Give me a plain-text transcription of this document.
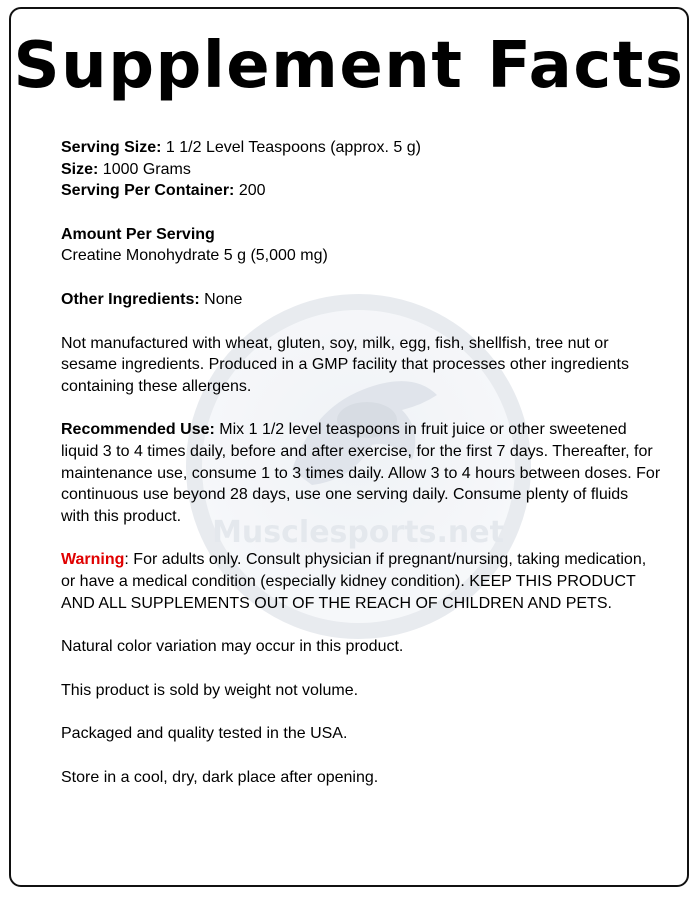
Musclesports.net
Supplement Facts

Serving Size: 1 1/2 Level Teaspoons (approx. 5 g)

Size: 1000 Grams

Serving Per Container: 200

Amount Per Serving

Creatine Monohydrate 5 g (5,000 mg)

Other Ingredients: None

Not manufactured with wheat, gluten, soy, milk, egg, fish, shellfish, tree nut or sesame ingredients. Produced in a GMP facility that processes other ingredients containing these allergens.

Recommended Use: Mix 1 1/2 level teaspoons in fruit juice or other sweetened liquid 3 to 4 times daily, before and after exercise, for the first 7 days. Thereafter, for maintenance use, consume 1 to 3 times daily. Allow 3 to 4 hours between doses. For continuous use beyond 28 days, use one serving daily. Consume plenty of fluids with this product.

Warning: For adults only. Consult physician if pregnant/nursing, taking medication, or have a medical condition (especially kidney condition). KEEP THIS PRODUCT AND ALL SUPPLEMENTS OUT OF THE REACH OF CHILDREN AND PETS.

Natural color variation may occur in this product.

This product is sold by weight not volume.

Packaged and quality tested in the USA.

Store in a cool, dry, dark place after opening.
